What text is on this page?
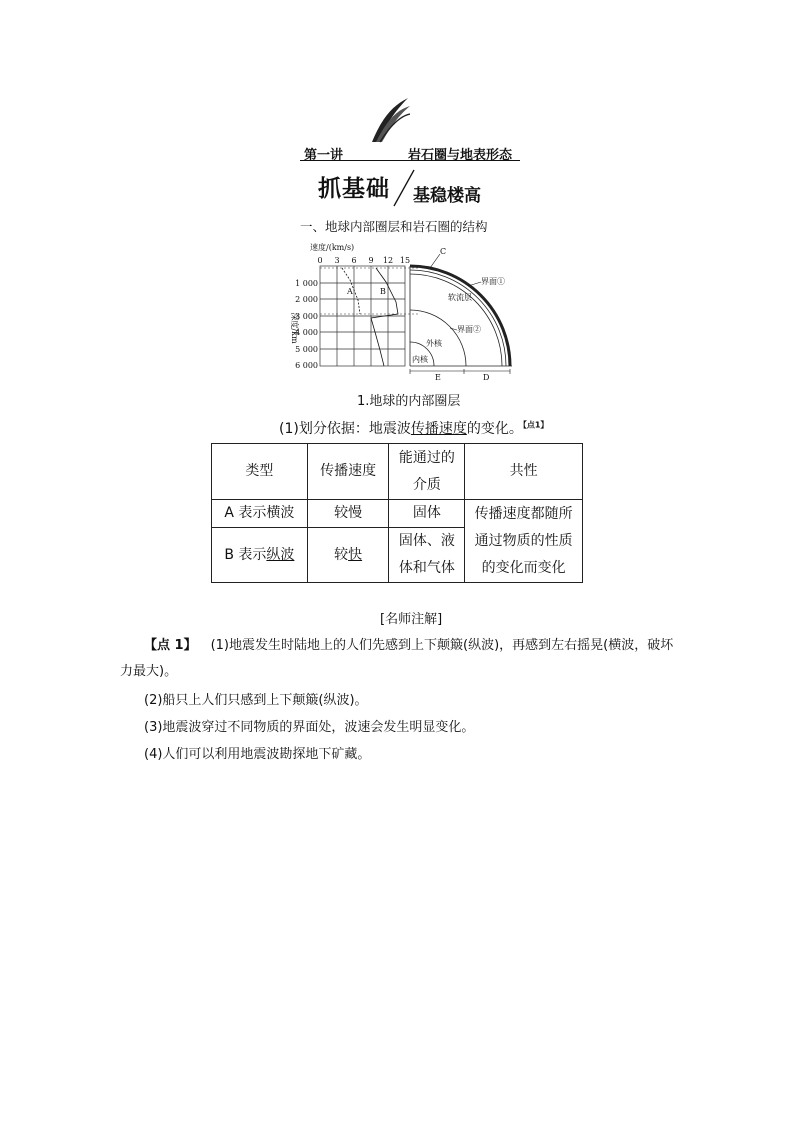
第一讲	岩石圈与地表形态
抓基础 基稳楼高
一、地球内部圈层和岩石圈的结构
速度/(km/s)
0 3 6 9 12 15
1 000
2 000
3 000
4 000
5 000
6 000
深度/km
A	B
C
界面①
软流层
界面②
外核
内核
E	D
1.地球的内部圈层
(1)划分依据：地震波传播速度的变化。$^{【点1】}$
类型	传播速度	能通过的介质	共性
A 表示横波	较慢	固体	传播速度都随所通过物质的性质的变化而变化
B 表示纵波	较快	固体、液体和气体	
[名师注解]
【点 1】 (1)地震发生时陆地上的人们先感到上下颠簸(纵波)，再感到左右摇晃(横波，破坏力最大)。
(2)船只上人们只感到上下颠簸(纵波)。
(3)地震波穿过不同物质的界面处，波速会发生明显变化。
(4)人们可以利用地震波勘探地下矿藏。
